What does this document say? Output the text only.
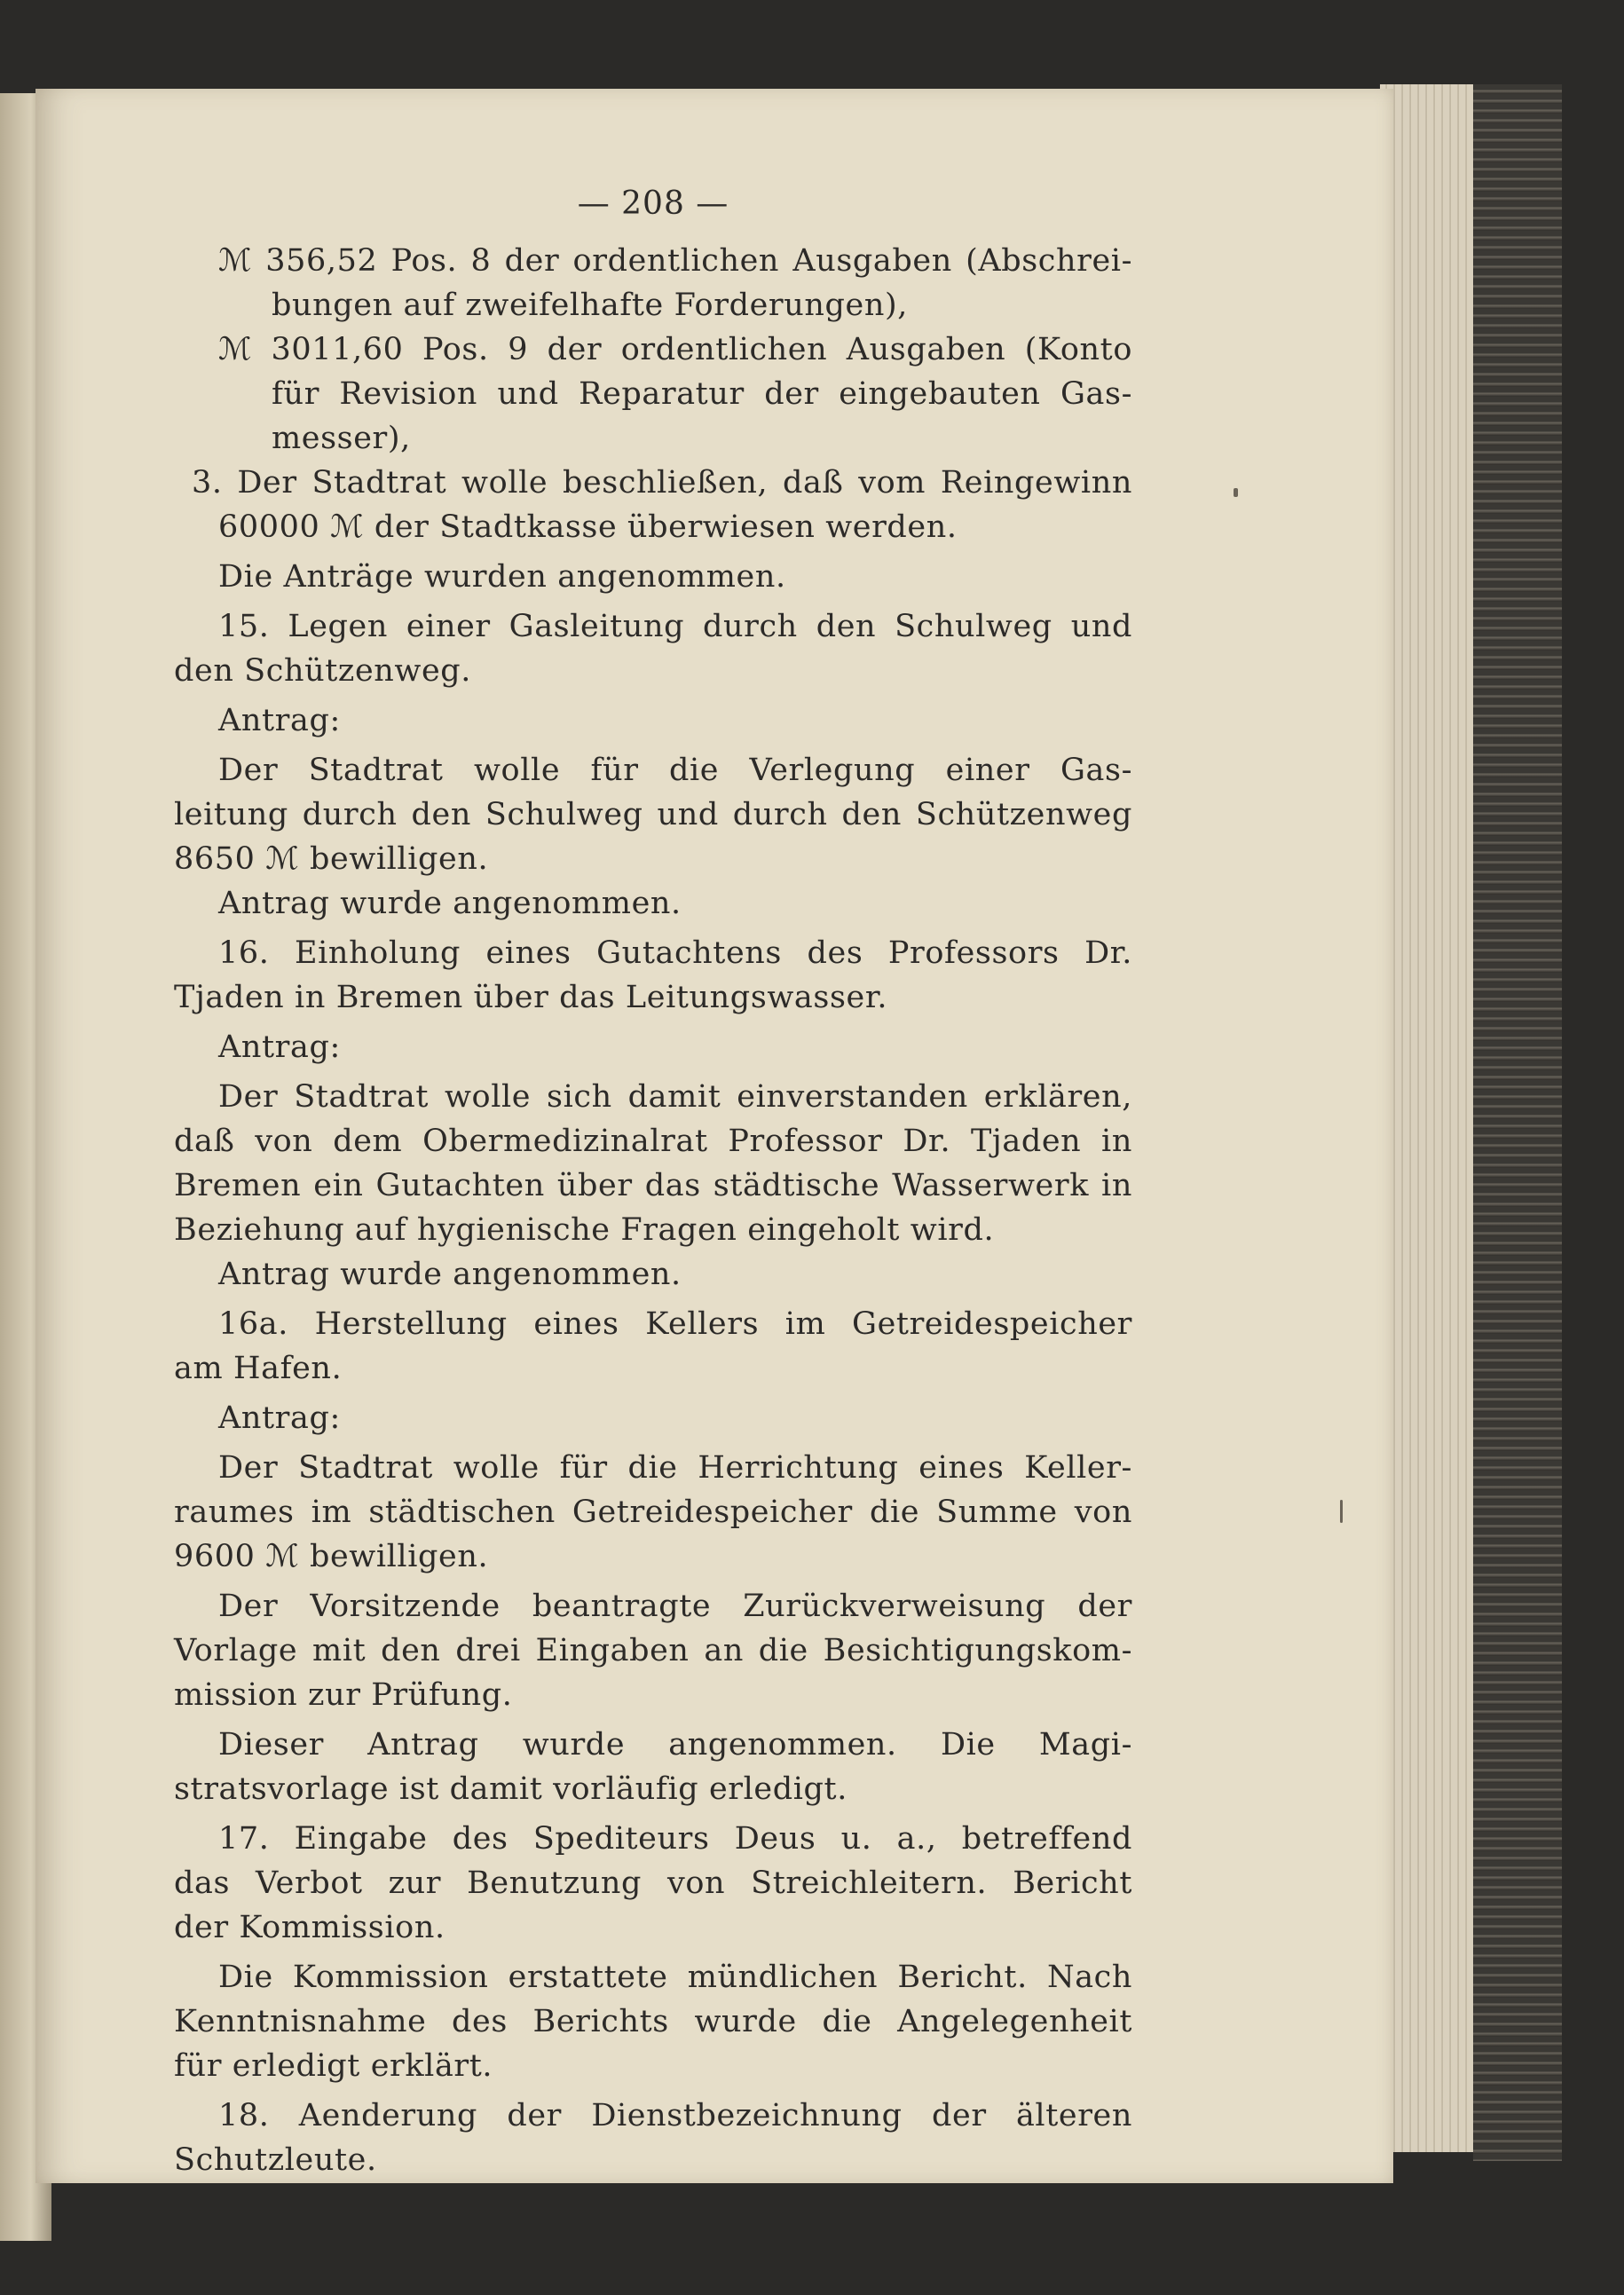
— 208 —
ℳ 356,52 Pos. 8 der ordentlichen Ausgaben (Abschrei-
bungen auf zweifelhafte Forderungen),
ℳ 3011,60 Pos. 9 der ordentlichen Ausgaben (Konto
für Revision und Reparatur der eingebauten Gas-
messer),
3. Der Stadtrat wolle beschließen, daß vom Reingewinn
60000 ℳ der Stadtkasse überwiesen werden.
Die Anträge wurden angenommen.
15. Legen einer Gasleitung durch den Schulweg und
den Schützenweg.
Antrag:
Der Stadtrat wolle für die Verlegung einer Gas-
leitung durch den Schulweg und durch den Schützenweg
8650 ℳ bewilligen.
Antrag wurde angenommen.
16. Einholung eines Gutachtens des Professors Dr.
Tjaden in Bremen über das Leitungswasser.
Antrag:
Der Stadtrat wolle sich damit einverstanden erklären,
daß von dem Obermedizinalrat Professor Dr. Tjaden in
Bremen ein Gutachten über das städtische Wasserwerk in
Beziehung auf hygienische Fragen eingeholt wird.
Antrag wurde angenommen.
16a. Herstellung eines Kellers im Getreidespeicher
am Hafen.
Antrag:
Der Stadtrat wolle für die Herrichtung eines Keller-
raumes im städtischen Getreidespeicher die Summe von
9600 ℳ bewilligen.
Der Vorsitzende beantragte Zurückverweisung der
Vorlage mit den drei Eingaben an die Besichtigungskom-
mission zur Prüfung.
Dieser Antrag wurde angenommen. Die Magi-
stratsvorlage ist damit vorläufig erledigt.
17. Eingabe des Spediteurs Deus u. a., betreffend
das Verbot zur Benutzung von Streichleitern. Bericht
der Kommission.
Die Kommission erstattete mündlichen Bericht. Nach
Kenntnisnahme des Berichts wurde die Angelegenheit
für erledigt erklärt.
18. Aenderung der Dienstbezeichnung der älteren
Schutzleute.
